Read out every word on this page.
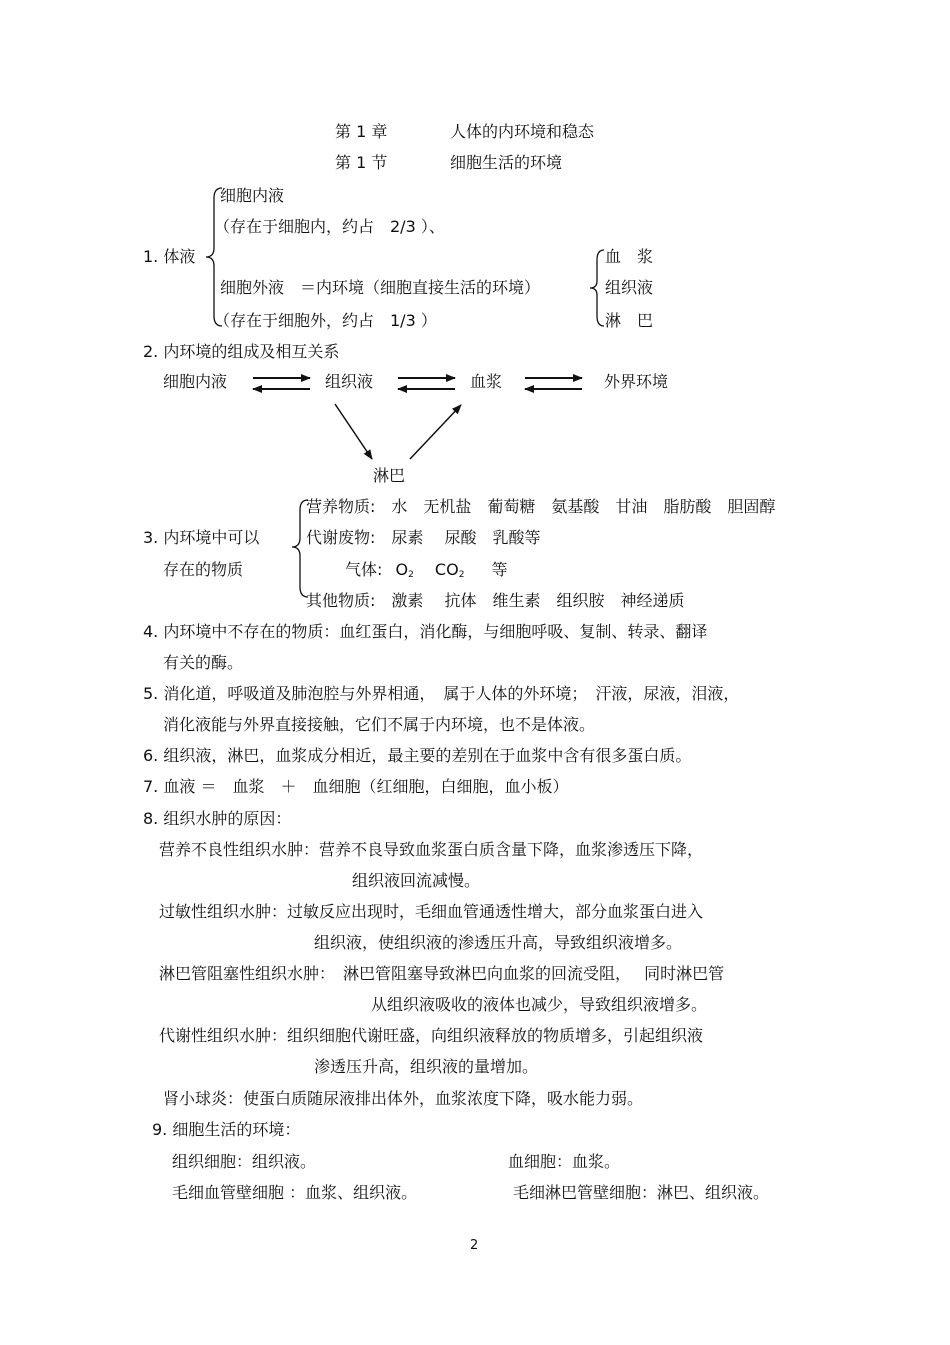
第 1 章	人体的内环境和稳态
第 1 节	细胞生活的环境
1. 体液
细胞内液
（存在于细胞内，约占　2/3 ）、
细胞外液　＝内环境（细胞直接生活的环境）
（存在于细胞外，约占　1/3 ）
血　浆
组织液
淋　巴
2. 内环境的组成及相互关系
细胞内液	组织液	血浆	外界环境
淋巴
3. 内环境中可以
存在的物质
营养物质:　水　无机盐　葡萄糖　氨基酸　甘油　脂肪酸　胆固醇
代谢废物:　尿素　 尿酸　乳酸等
气体: $O_2$ $CO_2$ 等
其他物质:　激素　 抗体　维生素　组织胺　神经递质
4. 内环境中不存在的物质：血红蛋白，消化酶，与细胞呼吸、复制、转录、翻译
有关的酶。
5. 消化道，呼吸道及肺泡腔与外界相通，　属于人体的外环境；　汗液，尿液，泪液，
消化液能与外界直接接触，它们不属于内环境，也不是体液。
6. 组织液，淋巴，血浆成分相近，最主要的差别在于血浆中含有很多蛋白质。
7. 血液 ＝　血浆　＋　血细胞（红细胞，白细胞，血小板）
8. 组织水肿的原因：
营养不良性组织水肿：营养不良导致血浆蛋白质含量下降，血浆渗透压下降，
组织液回流减慢。
过敏性组织水肿：过敏反应出现时，毛细血管通透性增大，部分血浆蛋白进入
组织液，使组织液的渗透压升高，导致组织液增多。
淋巴管阻塞性组织水肿：　淋巴管阻塞导致淋巴向血浆的回流受阻，　 同时淋巴管
从组织液吸收的液体也减少，导致组织液增多。
代谢性组织水肿：组织细胞代谢旺盛，向组织液释放的物质增多，引起组织液
渗透压升高，组织液的量增加。
肾小球炎：使蛋白质随尿液排出体外，血浆浓度下降，吸水能力弱。
9. 细胞生活的环境：
组织细胞：组织液。	血细胞：血浆。
毛细血管壁细胞 ：血浆、组织液。	毛细淋巴管壁细胞：淋巴、组织液。
2
